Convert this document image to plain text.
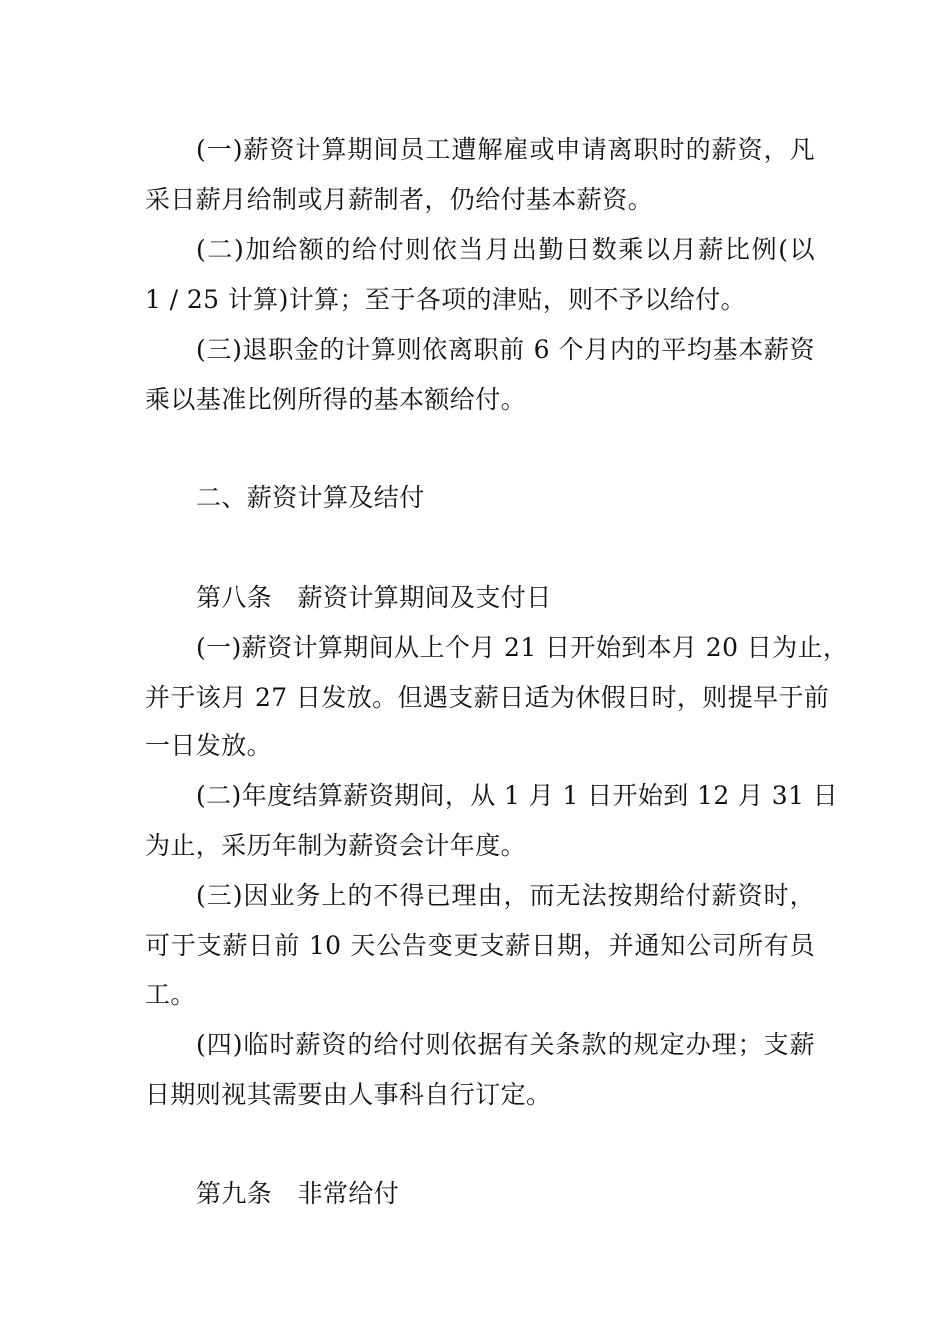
(一)薪资计算期间员工遭解雇或申请离职时的薪资，凡
采日薪月给制或月薪制者，仍给付基本薪资。
(二)加给额的给付则依当月出勤日数乘以月薪比例(以
1 / 25 计算)计算；至于各项的津贴，则不予以给付。
(三)退职金的计算则依离职前 6 个月内的平均基本薪资
乘以基准比例所得的基本额给付。
二、薪资计算及结付
第八条　薪资计算期间及支付日
(一)薪资计算期间从上个月 21 日开始到本月 20 日为止，
并于该月 27 日发放。但遇支薪日适为休假日时，则提早于前
一日发放。
(二)年度结算薪资期间，从 1 月 1 日开始到 12 月 31 日
为止，采历年制为薪资会计年度。
(三)因业务上的不得已理由，而无法按期给付薪资时，
可于支薪日前 10 天公告变更支薪日期，并通知公司所有员
工。
(四)临时薪资的给付则依据有关条款的规定办理；支薪
日期则视其需要由人事科自行订定。
第九条　非常给付
